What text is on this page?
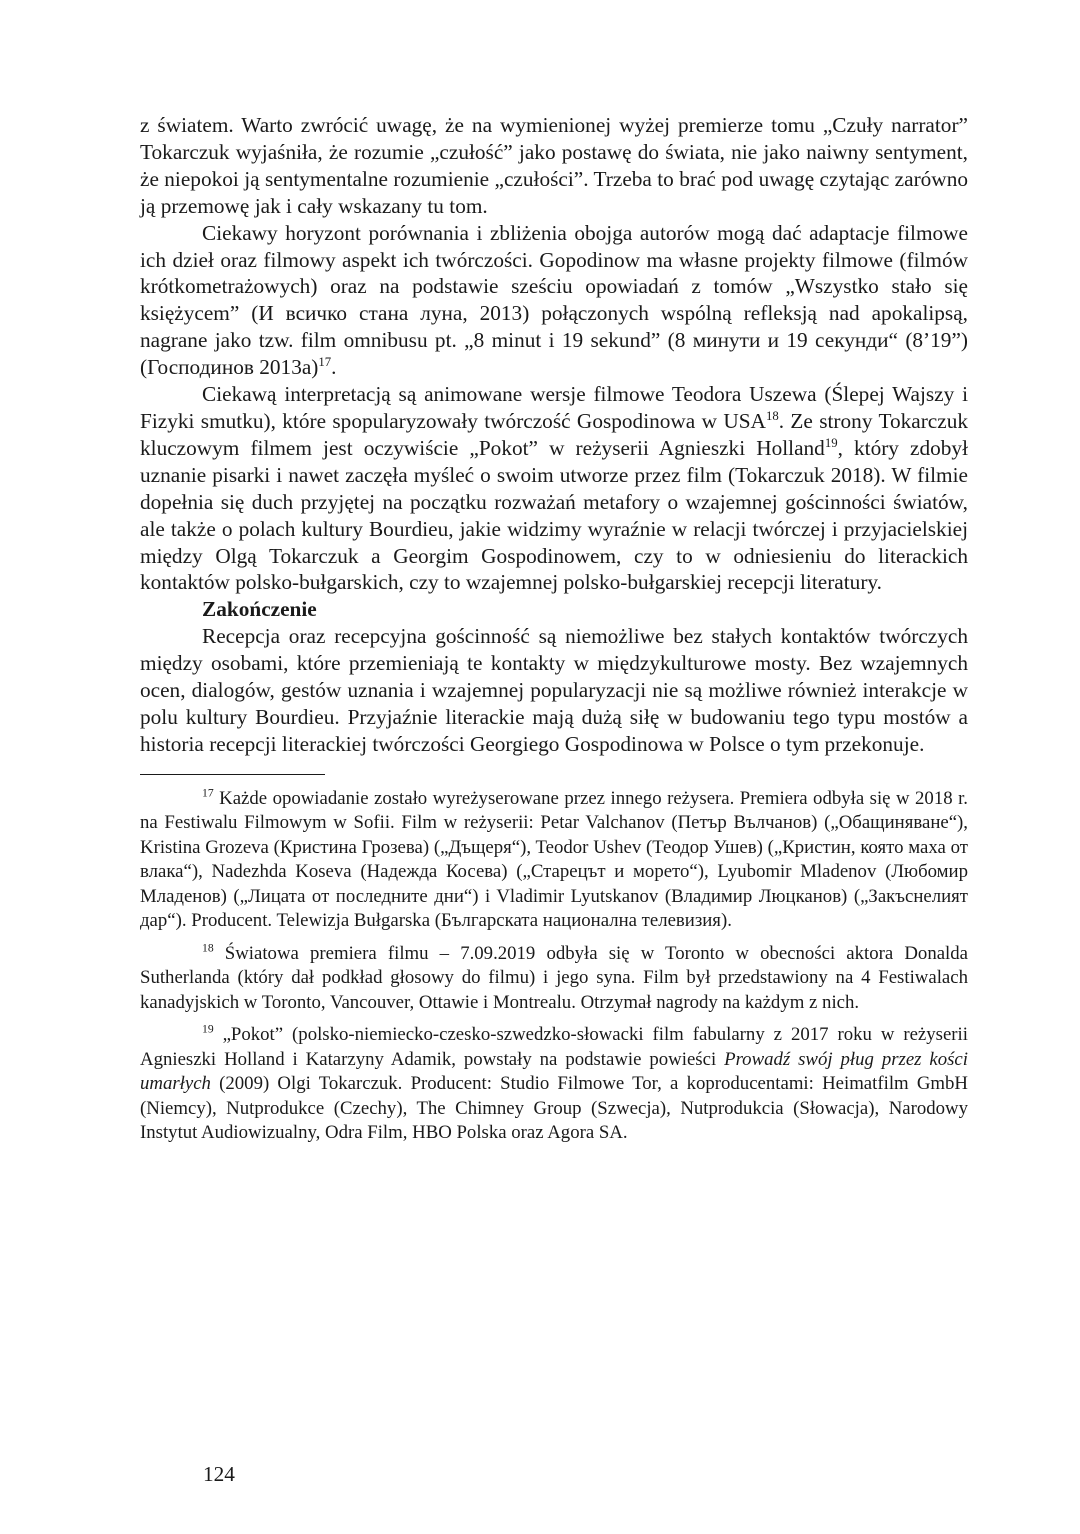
z światem. Warto zwrócić uwagę, że na wymienionej wyżej premierze tomu „Czuły narrator” Tokarczuk wyjaśniła, że rozumie „czułość” jako postawę do świata, nie jako naiwny sentyment, że niepokoi ją sentymentalne rozumienie „czułości”. Trzeba to brać pod uwagę czytając zarówno ją przemowę jak i cały wskazany tu tom.

Ciekawy horyzont porównania i zbliżenia obojga autorów mogą dać adaptacje filmowe ich dzieł oraz filmowy aspekt ich twórczości. Gopodinow ma własne projekty filmowe (filmów krótkometrażowych) oraz na podstawie sześciu opowiadań z tomów „Wszystko stało się księżycem” (И всичко стана луна, 2013) połączonych wspólną refleksją nad apokalipsą, nagrane jako tzw. film omnibusu pt. „8 minut i 19 sekund” (8 минути и 19 секунди“ (8’19”) (Господинов 2013a)$^{17}$.

Ciekawą interpretacją są animowane wersje filmowe Teodora Uszewa (Ślepej Wajszy i Fizyki smutku), które spopularyzowały twórczość Gospodinowa w USA$^{18}$. Ze strony Tokarczuk kluczowym filmem jest oczywiście „Pokot” w reżyserii Agnieszki Holland$^{19}$, który zdobył uznanie pisarki i nawet zaczęła myśleć o swoim utworze przez film (Tokarczuk 2018). W filmie dopełnia się duch przyjętej na początku rozważań metafory o wzajemnej gościnności światów, ale także o polach kultury Bourdieu, jakie widzimy wyraźnie w relacji twórczej i przyjacielskiej między Olgą Tokarczuk a Georgim Gospodinowem, czy to w odniesieniu do literackich kontaktów polsko-bułgarskich, czy to wzajemnej polsko-bułgarskiej recepcji literatury.

Zakończenie

Recepcja oraz recepcyjna gościnność są niemożliwe bez stałych kontaktów twórczych między osobami, które przemieniają te kontakty w międzykulturowe mosty. Bez wzajemnych ocen, dialogów, gestów uznania i wzajemnej popularyzacji nie są możliwe również interakcje w polu kultury Bourdieu. Przyjaźnie literackie mają dużą siłę w budowaniu tego typu mostów a historia recepcji literackiej twórczości Georgiego Gospodinowa w Polsce o tym przekonuje.

$^{17}$ Każde opowiadanie zostało wyreżyserowane przez innego reżysera. Premiera odbyła się w 2018 r. na Festiwalu Filmowym w Sofii. Film w reżyserii: Petar Valchanov (Петър Вълчанов) („Обащиняване“), Kristina Grozeva (Кристина Грозева) („Дъщеря“), Teodor Ushev (Теодор Ушев) („Кристин, която маха от влака“), Nadezhda Koseva (Надежда Косева) („Старецът и морето“), Lyubomir Mladenov (Любомир Младенов) („Лицата от последните дни“) i Vladimir Lyutskanov (Владимир Люцканов) („Закъснелият дар“). Producent. Telewizja Bułgarska (Българската национална телевизия).

$^{18}$ Światowa premiera filmu – 7.09.2019 odbyła się w Toronto w obecności aktora Donalda Sutherlanda (który dał podkład głosowy do filmu) i jego syna. Film był przedstawiony na 4 Festiwalach kanadyjskich w Toronto, Vancouver, Ottawie i Montrealu. Otrzymał nagrody na każdym z nich.

$^{19}$ „Pokot” (polsko-niemiecko-czesko-szwedzko-słowacki film fabularny z 2017 roku w reżyserii Agnieszki Holland i Katarzyny Adamik, powstały na podstawie powieści Prowadź swój pług przez kości umarłych (2009) Olgi Tokarczuk. Producent: Studio Filmowe Tor, a koproducentami: Heimatfilm GmbH (Niemcy), Nutprodukce (Czechy), The Chimney Group (Szwecja), Nutprodukcia (Słowacja), Narodowy Instytut Audiowizualny, Odra Film, HBO Polska oraz Agora SA.

124
